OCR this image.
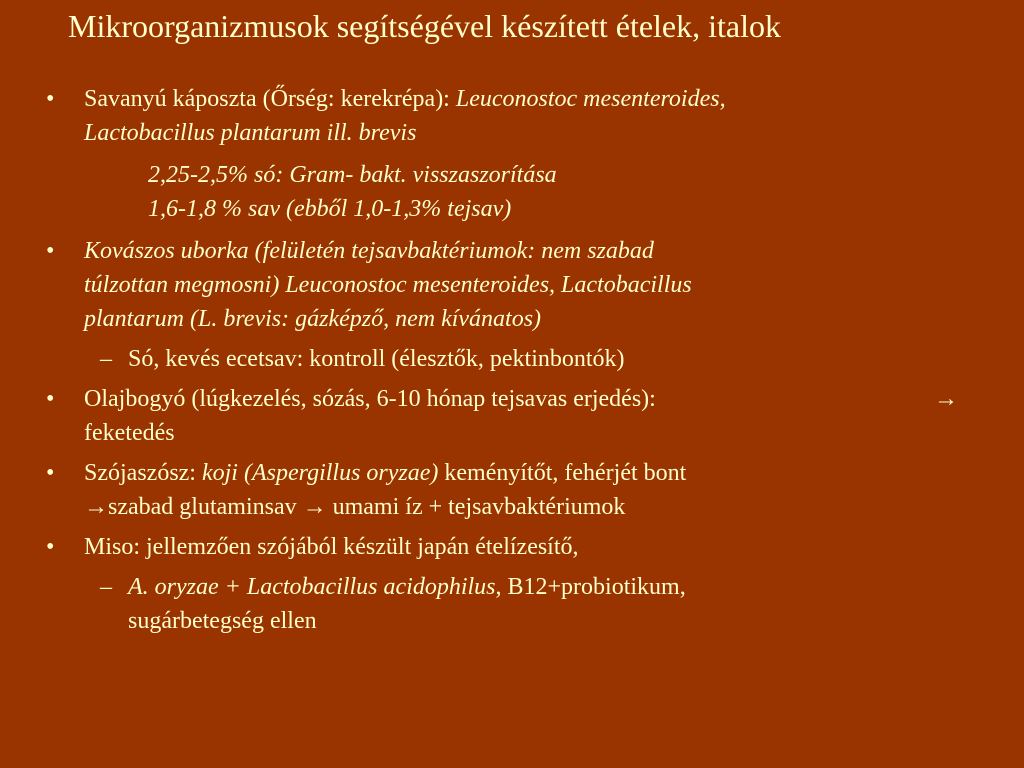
Mikroorganizmusok segítségével készített ételek, italok
• Savanyú káposzta (Őrség: kerekrépa): Leuconostoc mesenteroides,
Lactobacillus plantarum ill. brevis
2,25-2,5% só: Gram- bakt. visszaszorítása
1,6-1,8 % sav (ebből 1,0-1,3% tejsav)
• Kovászos uborka (felületén tejsavbaktériumok: nem szabad
túlzottan megmosni) Leuconostoc mesenteroides, Lactobacillus
plantarum (L. brevis: gázképző, nem kívánatos)
– Só, kevés ecetsav: kontroll (élesztők, pektinbontók)
• Olajbogyó (lúgkezelés, sózás, 6-10 hónap tejsavas erjedés):	→
feketedés
• Szójaszósz: koji (Aspergillus oryzae) keményítőt, fehérjét bont
→szabad glutaminsav → umami íz + tejsavbaktériumok
• Miso: jellemzően szójából készült japán ételízesítő,
– A. oryzae + Lactobacillus acidophilus, B12+probiotikum,
sugárbetegség ellen
